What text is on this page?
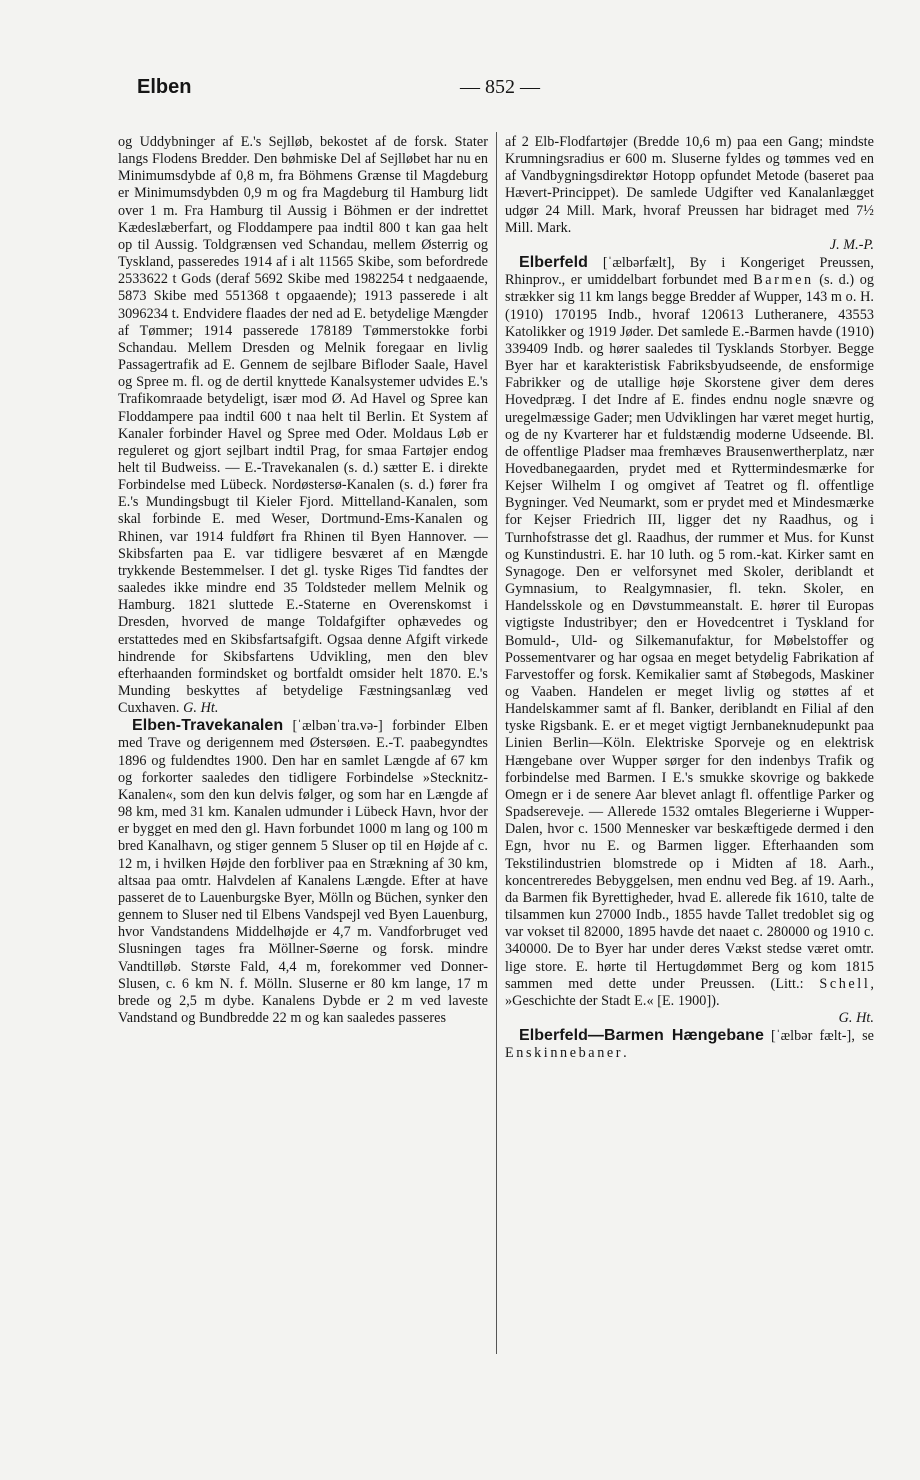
Elben	— 852 —

og Uddybninger af E.'s Sejlløb, bekostet af de forsk. Stater langs Flodens Bredder. Den bøhmiske Del af Sejlløbet har nu en Minimumsdybde af 0,8 m, fra Böhmens Grænse til Magdeburg er Minimumsdybden 0,9 m og fra Magdeburg til Hamburg lidt over 1 m. Fra Hamburg til Aussig i Böhmen er der indrettet Kædeslæberfart, og Floddampere paa indtil 800 t kan gaa helt op til Aussig. Toldgrænsen ved Schandau, mellem Østerrig og Tyskland, passeredes 1914 af i alt 11565 Skibe, som befordrede 2533622 t Gods (deraf 5692 Skibe med 1982254 t nedgaaende, 5873 Skibe med 551368 t opgaaende); 1913 passerede i alt 3096234 t. Endvidere flaades der ned ad E. betydelige Mængder af Tømmer; 1914 passerede 178189 Tømmerstokke forbi Schandau. Mellem Dresden og Melnik foregaar en livlig Passagertrafik ad E. Gennem de sejlbare Bifloder Saale, Havel og Spree m. fl. og de dertil knyttede Kanalsystemer udvides E.'s Trafikomraade betydeligt, især mod Ø. Ad Havel og Spree kan Floddampere paa indtil 600 t naa helt til Berlin. Et System af Kanaler forbinder Havel og Spree med Oder. Moldaus Løb er reguleret og gjort sejlbart indtil Prag, for smaa Fartøjer endog helt til Budweiss. — E.-Travekanalen (s. d.) sætter E. i direkte Forbindelse med Lübeck. Nordøstersø-Kanalen (s. d.) fører fra E.'s Mundingsbugt til Kieler Fjord. Mittelland-Kanalen, som skal forbinde E. med Weser, Dortmund-Ems-Kanalen og Rhinen, var 1914 fuldført fra Rhinen til Byen Hannover. — Skibsfarten paa E. var tidligere besværet af en Mængde trykkende Bestemmelser. I det gl. tyske Riges Tid fandtes der saaledes ikke mindre end 35 Toldsteder mellem Melnik og Hamburg. 1821 sluttede E.-Staterne en Overenskomst i Dresden, hvorved de mange Toldafgifter ophævedes og erstattedes med en Skibsfartsafgift. Ogsaa denne Afgift virkede hindrende for Skibsfartens Udvikling, men den blev efterhaanden formindsket og bortfaldt omsider helt 1870. E.'s Munding beskyttes af betydelige Fæstningsanlæg ved Cuxhaven. G. Ht.

Elben-Travekanalen [ˈælbənˈtra.və-] forbinder Elben med Trave og derigennem med Østersøen. E.-T. paabegyndtes 1896 og fuldendtes 1900. Den har en samlet Længde af 67 km og forkorter saaledes den tidligere Forbindelse »Stecknitz-Kanalen«, som den kun delvis følger, og som har en Længde af 98 km, med 31 km. Kanalen udmunder i Lübeck Havn, hvor der er bygget en med den gl. Havn forbundet 1000 m lang og 100 m bred Kanalhavn, og stiger gennem 5 Sluser op til en Højde af c. 12 m, i hvilken Højde den forbliver paa en Strækning af 30 km, altsaa paa omtr. Halvdelen af Kanalens Længde. Efter at have passeret de to Lauenburgske Byer, Mölln og Büchen, synker den gennem to Sluser ned til Elbens Vandspejl ved Byen Lauenburg, hvor Vandstandens Middelhøjde er 4,7 m. Vandforbruget ved Slusningen tages fra Möllner-Søerne og forsk. mindre Vandtilløb. Største Fald, 4,4 m, forekommer ved Donner-Slusen, c. 6 km N. f. Mölln. Sluserne er 80 km lange, 17 m brede og 2,5 m dybe. Kanalens Dybde er 2 m ved laveste Vandstand og Bundbredde 22 m og kan saaledes passeres

af 2 Elb-Flodfartøjer (Bredde 10,6 m) paa een Gang; mindste Krumningsradius er 600 m. Sluserne fyldes og tømmes ved en af Vandbygningsdirektør Hotopp opfundet Metode (baseret paa Hævert-Princippet). De samlede Udgifter ved Kanalanlægget udgør 24 Mill. Mark, hvoraf Preussen har bidraget med 7½ Mill. Mark.
J. M.-P.

Elberfeld [ˈælbərfælt], By i Kongeriget Preussen, Rhinprov., er umiddelbart forbundet med Barmen (s. d.) og strækker sig 11 km langs begge Bredder af Wupper, 143 m o. H. (1910) 170195 Indb., hvoraf 120613 Lutheranere, 43553 Katolikker og 1919 Jøder. Det samlede E.-Barmen havde (1910) 339409 Indb. og hører saaledes til Tysklands Storbyer. Begge Byer har et karakteristisk Fabriksbyudseende, de ensformige Fabrikker og de utallige høje Skorstene giver dem deres Hovedpræg. I det Indre af E. findes endnu nogle snævre og uregelmæssige Gader; men Udviklingen har været meget hurtig, og de ny Kvarterer har et fuldstændig moderne Udseende. Bl. de offentlige Pladser maa fremhæves Brausenwertherplatz, nær Hovedbanegaarden, prydet med et Ryttermindesmærke for Kejser Wilhelm I og omgivet af Teatret og fl. offentlige Bygninger. Ved Neumarkt, som er prydet med et Mindesmærke for Kejser Friedrich III, ligger det ny Raadhus, og i Turnhofstrasse det gl. Raadhus, der rummer et Mus. for Kunst og Kunstindustri. E. har 10 luth. og 5 rom.-kat. Kirker samt en Synagoge. Den er velforsynet med Skoler, deriblandt et Gymnasium, to Realgymnasier, fl. tekn. Skoler, en Handelsskole og en Døvstummeanstalt. E. hører til Europas vigtigste Industribyer; den er Hovedcentret i Tyskland for Bomuld-, Uld- og Silkemanufaktur, for Møbelstoffer og Possementvarer og har ogsaa en meget betydelig Fabrikation af Farvestoffer og forsk. Kemikalier samt af Støbegods, Maskiner og Vaaben. Handelen er meget livlig og støttes af et Handelskammer samt af fl. Banker, deriblandt en Filial af den tyske Rigsbank. E. er et meget vigtigt Jernbaneknudepunkt paa Linien Berlin—Köln. Elektriske Sporveje og en elektrisk Hængebane over Wupper sørger for den indenbys Trafik og forbindelse med Barmen. I E.'s smukke skovrige og bakkede Omegn er i de senere Aar blevet anlagt fl. offentlige Parker og Spadsereveje. — Allerede 1532 omtales Blegerierne i Wupper-Dalen, hvor c. 1500 Mennesker var beskæftigede dermed i den Egn, hvor nu E. og Barmen ligger. Efterhaanden som Tekstilindustrien blomstrede op i Midten af 18. Aarh., koncentreredes Bebyggelsen, men endnu ved Beg. af 19. Aarh., da Barmen fik Byrettigheder, hvad E. allerede fik 1610, talte de tilsammen kun 27000 Indb., 1855 havde Tallet tredoblet sig og var vokset til 82000, 1895 havde det naaet c. 280000 og 1910 c. 340000. De to Byer har under deres Vækst stedse været omtr. lige store. E. hørte til Hertugdømmet Berg og kom 1815 sammen med dette under Preussen. (Litt.: Schell, »Geschichte der Stadt E.« [E. 1900]).
G. Ht.

Elberfeld—Barmen Hængebane [ˈælbər fælt-], se Enskinnebaner.
